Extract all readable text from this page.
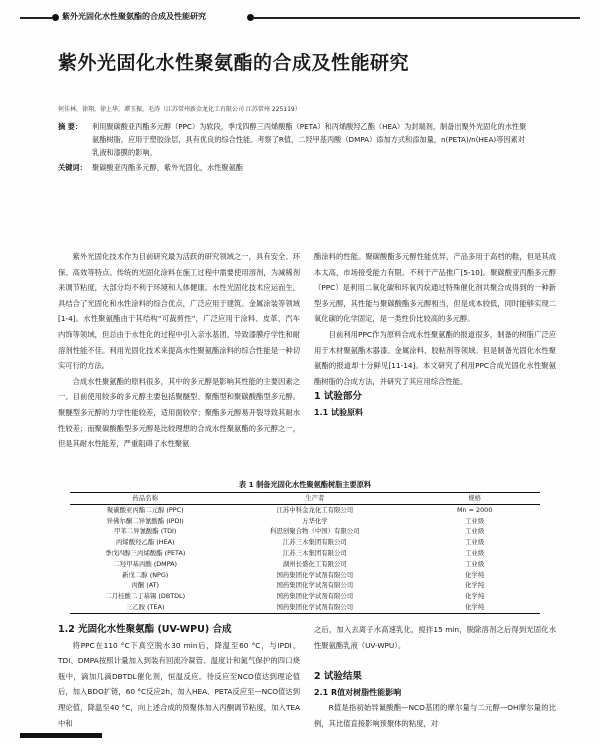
紫外光固化水性聚氨酯的合成及性能研究
紫外光固化水性聚氨酯的合成及性能研究
何佳林，徐翔，徐上华，谭玉振，毛涛（江苏常州新金龙化工有限公司 江苏常州 225119）
摘 要： 利用聚碳酸亚丙酯多元醇（PPC）为软段，季戊四醇三丙烯酸酯（PETA）和丙烯酸羟乙酯（HEA）为封端剂，制备出聚外光固化的水性聚氨酯树脂，应用于塑胶涂层，具有优良的综合性能。考察了R值，二羟甲基丙酸（DMPA）添加方式和添加量，n(PETA)/n(HEA)等因素对乳液和漆膜的影响。
关键词： 聚碳酸亚丙酯多元醇，紫外光固化，水性聚氨酯

紫外光固化技术作为目前研究最为活跃的研究领域之一，具有安全、环保、高效等特点。传统的光固化涂料在施工过程中需要使用溶剂，为减稀剂来调节粘度，大部分均不利于环境和人体健康。水性光固化技术应运而生，具结合了光固化和水性涂料的综合优点，广泛应用于建筑、金属涂装等领域[1-4]。水性聚氨酯由于其结构“可裁剪性”，广泛应用于涂料、皮革、汽车内饰等领域，但总由于水性化的过程中引入亲水基团，导致漆膜疗学性和耐溶剂性能不佳。利用光固化技术来提高水性聚氨酯涂料的综合性能是一种切实可行的方法。

合成水性聚氨酯的原料很多，其中的多元醇是影响其性能的主要因素之一。目前使用较多的多元醇主要包括聚醚型、聚酯型和聚碳酸酯型多元醇。聚醚型多元醇的力学性能较差，适用面较窄；聚酯多元醇易开裂导致其耐水性较差；而聚碳酸酯型多元醇是比较理想的合成水性聚氨酯的多元醇之一，但是其耐水性能差，严重阻碍了水性聚氨

酯涂料的性能。聚碳酸酯多元醇性能优异，产品多用于高档的鞋，但是其成本太高，市场接受能力有限。不利于产品推广[5-10]。聚碳酸亚丙酯多元醇（PPC）是利用二氧化碳和环氧丙烷通过特殊催化剂共聚合成得到的一种新型多元醇，其性能与聚碳酸酯多元醇相当，但是成本较低，同时能够实现二氧化碳的化学固定，是一类性价比较高的多元醇。

目前利用PPC作为原料合成水性聚氨酯的报道很多，制备的树脂广泛应用于木材聚氨酯木器漆、金属涂料、胶粘剂等领域。但是制备光固化水性聚氨酯的报道却十分鲜见[11-14]。本文研究了利用PPC合成光固化水性聚氨酯树脂的合成方法，并研究了其应用综合性能。

1 试验部分

1.1 试验原料

表 1 制备光固化水性聚氨酯树脂主要原料
药品名称	生产者	规格
聚碳酸亚丙酯二元醇 (PPC)	江苏中科金龙化工有限公司	Mn = 2000
异佛尔酮二异氰酸酯 (IPDI)	万华化学	工业级
甲苯二异氰酸酯 (TDI)	科思创聚合物（中国）有限公司	工业级
丙烯酸羟乙酯 (HEA)	江苏三木集团有限公司	工业级
季戊四醇三丙烯酸酯 (PETA)	江苏三木集团有限公司	工业级
二羟甲基丙酸 (DMPA)	湖州长盛化工有限公司	工业级
新戊二醇 (NPG)	国药集团化学试剂有限公司	化学纯
丙酮 (AT)	国药集团化学试剂有限公司	化学纯
二月桂酸二丁基锡 (DBTDL)	国药集团化学试剂有限公司	化学纯
三乙胺 (TEA)	国药集团化学试剂有限公司	化学纯

1.2 光固化水性聚氨酯 (UV-WPU) 合成

将PPC在110 °C下真空脱水30 min后，降温至60 °C，与IPDI、TDI、DMPA按照计量加入到装有回流冷凝管、温度计和氮气保护的四口烧瓶中，滴加几滴DBTDL催化剂，恒温反应。待反应至NCO值达到理论值后，加入BDO扩链，60 °C反应2h，加入HEA、PETA反应至—NCO值达到理论值，降温至40 °C，向上述合成的预聚体加入丙酮调节粘度，加入TEA中和

之后，加入去离子水高速乳化，搅拌15 min，脱除溶剂之后得到光固化水性聚氨酯乳液（UV-WPU）。

2 试验结果

2.1 R值对树脂性能影响

R值是指初始异氰酸酯—NCO基团的摩尔量与二元醇—OH摩尔量的比例，其比值直接影响预聚体的粘度，对
